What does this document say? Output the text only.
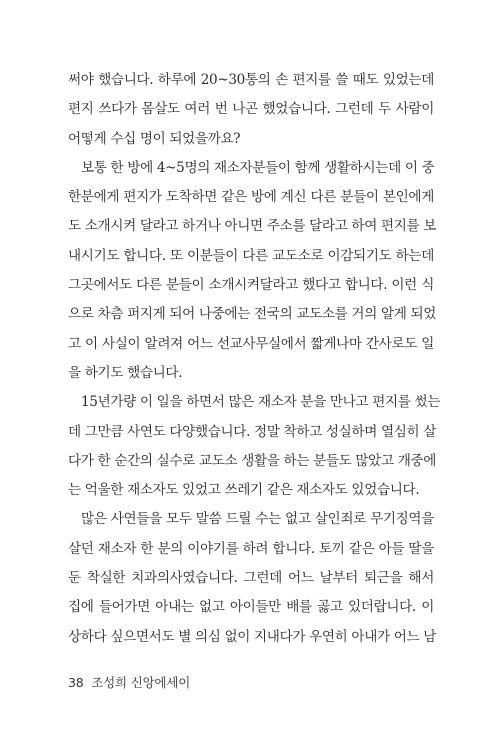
써야 했습니다. 하루에 20~30통의 손 편지를 쓸 때도 있었는데
편지 쓰다가 몸살도 여러 번 나곤 했었습니다. 그런데 두 사람이
어떻게 수십 명이 되었을까요?

보통 한 방에 4~5명의 재소자분들이 함께 생활하시는데 이 중
한분에게 편지가 도착하면 같은 방에 계신 다른 분들이 본인에게
도 소개시켜 달라고 하거나 아니면 주소를 달라고 하여 편지를 보
내시기도 합니다. 또 이분들이 다른 교도소로 이감되기도 하는데
그곳에서도 다른 분들이 소개시켜달라고 했다고 합니다. 이런 식
으로 차츰 퍼지게 되어 나중에는 전국의 교도소를 거의 알게 되었
고 이 사실이 알려져 어느 선교사무실에서 짧게나마 간사로도 일
을 하기도 했습니다.

15년가량 이 일을 하면서 많은 재소자 분을 만나고 편지를 썼는
데 그만큼 사연도 다양했습니다. 정말 착하고 성실하며 열심히 살
다가 한 순간의 실수로 교도소 생활을 하는 분들도 많았고 개중에
는 억울한 재소자도 있었고 쓰레기 같은 재소자도 있었습니다.

많은 사연들을 모두 말씀 드릴 수는 없고 살인죄로 무기징역을
살던 재소자 한 분의 이야기를 하려 합니다. 토끼 같은 아들 딸을
둔 착실한 치과의사였습니다. 그런데 어느 날부터 퇴근을 해서
집에 들어가면 아내는 없고 아이들만 배를 곯고 있더랍니다. 이
상하다 싶으면서도 별 의심 없이 지내다가 우연히 아내가 어느 남

38 조성희 신앙에세이
